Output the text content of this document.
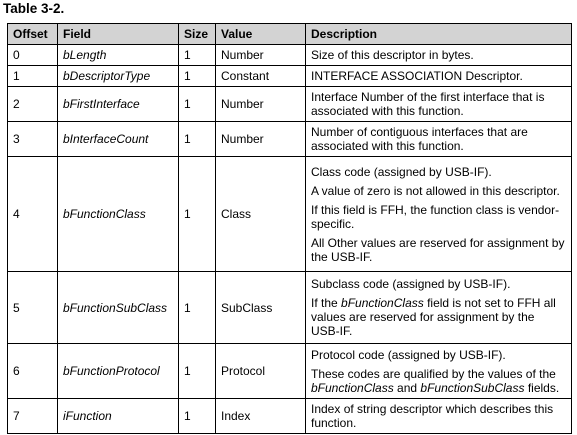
Table 3-2.
Offset	Field	Size	Value	Description
0	bLength	1	Number	Size of this descriptor in bytes.

1	bDescriptorType	1	Constant	INTERFACE ASSOCIATION Descriptor.

2	bFirstInterface	1	Number	Interface Number of the first interface that is associated with this function.

3	bInterfaceCount	1	Number	Number of contiguous interfaces that are associated with this function.

4	bFunctionClass	1	Class	Class code (assigned by USB-IF).

A value of zero is not allowed in this descriptor.

If this field is FFH, the function class is vendor-specific.

All Other values are reserved for assignment by the USB-IF.

5	bFunctionSubClass	1	SubClass	Subclass code (assigned by USB-IF).

If the bFunctionClass field is not set to FFH all values are reserved for assignment by the USB-IF.

6	bFunctionProtocol	1	Protocol	Protocol code (assigned by USB-IF).

These codes are qualified by the values of the bFunctionClass and bFunctionSubClass fields.

7	iFunction	1	Index	Index of string descriptor which describes this function.
